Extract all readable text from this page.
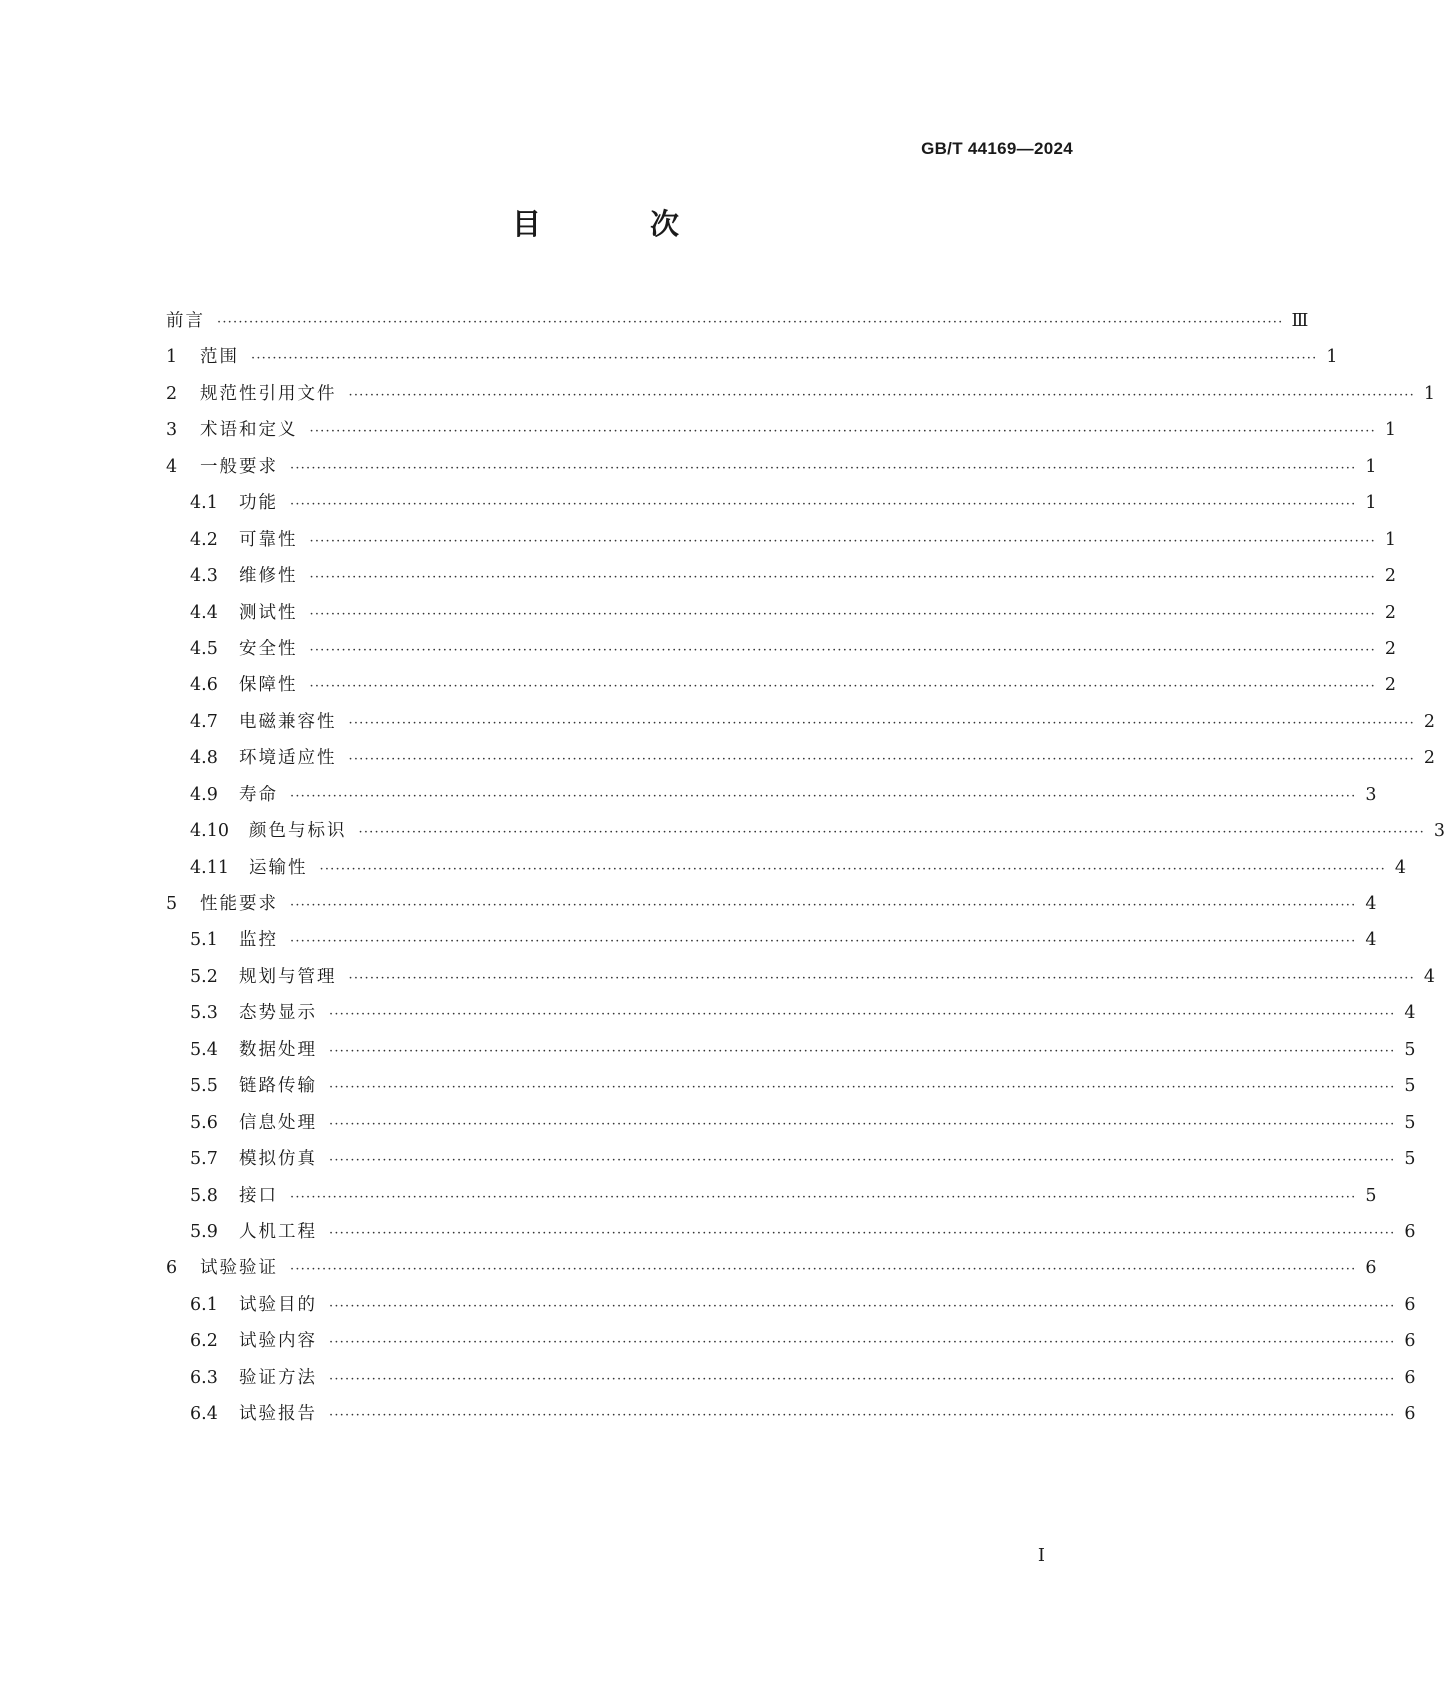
GB/T 44169—2024
目　次
前言 ········································································································································································································ Ⅲ
1	范围 ········································································································································································································ 1
2	规范性引用文件 ········································································································································································································ 1
3	术语和定义 ········································································································································································································ 1
4	一般要求 ········································································································································································································ 1
4.1	功能 ········································································································································································································ 1
4.2	可靠性 ········································································································································································································ 1
4.3	维修性 ········································································································································································································ 2
4.4	测试性 ········································································································································································································ 2
4.5	安全性 ········································································································································································································ 2
4.6	保障性 ········································································································································································································ 2
4.7	电磁兼容性 ········································································································································································································ 2
4.8	环境适应性 ········································································································································································································ 2
4.9	寿命 ········································································································································································································ 3
4.10	颜色与标识 ········································································································································································································ 3
4.11	运输性 ········································································································································································································ 4
5	性能要求 ········································································································································································································ 4
5.1	监控 ········································································································································································································ 4
5.2	规划与管理 ········································································································································································································ 4
5.3	态势显示 ········································································································································································································ 4
5.4	数据处理 ········································································································································································································ 5
5.5	链路传输 ········································································································································································································ 5
5.6	信息处理 ········································································································································································································ 5
5.7	模拟仿真 ········································································································································································································ 5
5.8	接口 ········································································································································································································ 5
5.9	人机工程 ········································································································································································································ 6
6	试验验证 ········································································································································································································ 6
6.1	试验目的 ········································································································································································································ 6
6.2	试验内容 ········································································································································································································ 6
6.3	验证方法 ········································································································································································································ 6
6.4	试验报告 ········································································································································································································ 6
I
